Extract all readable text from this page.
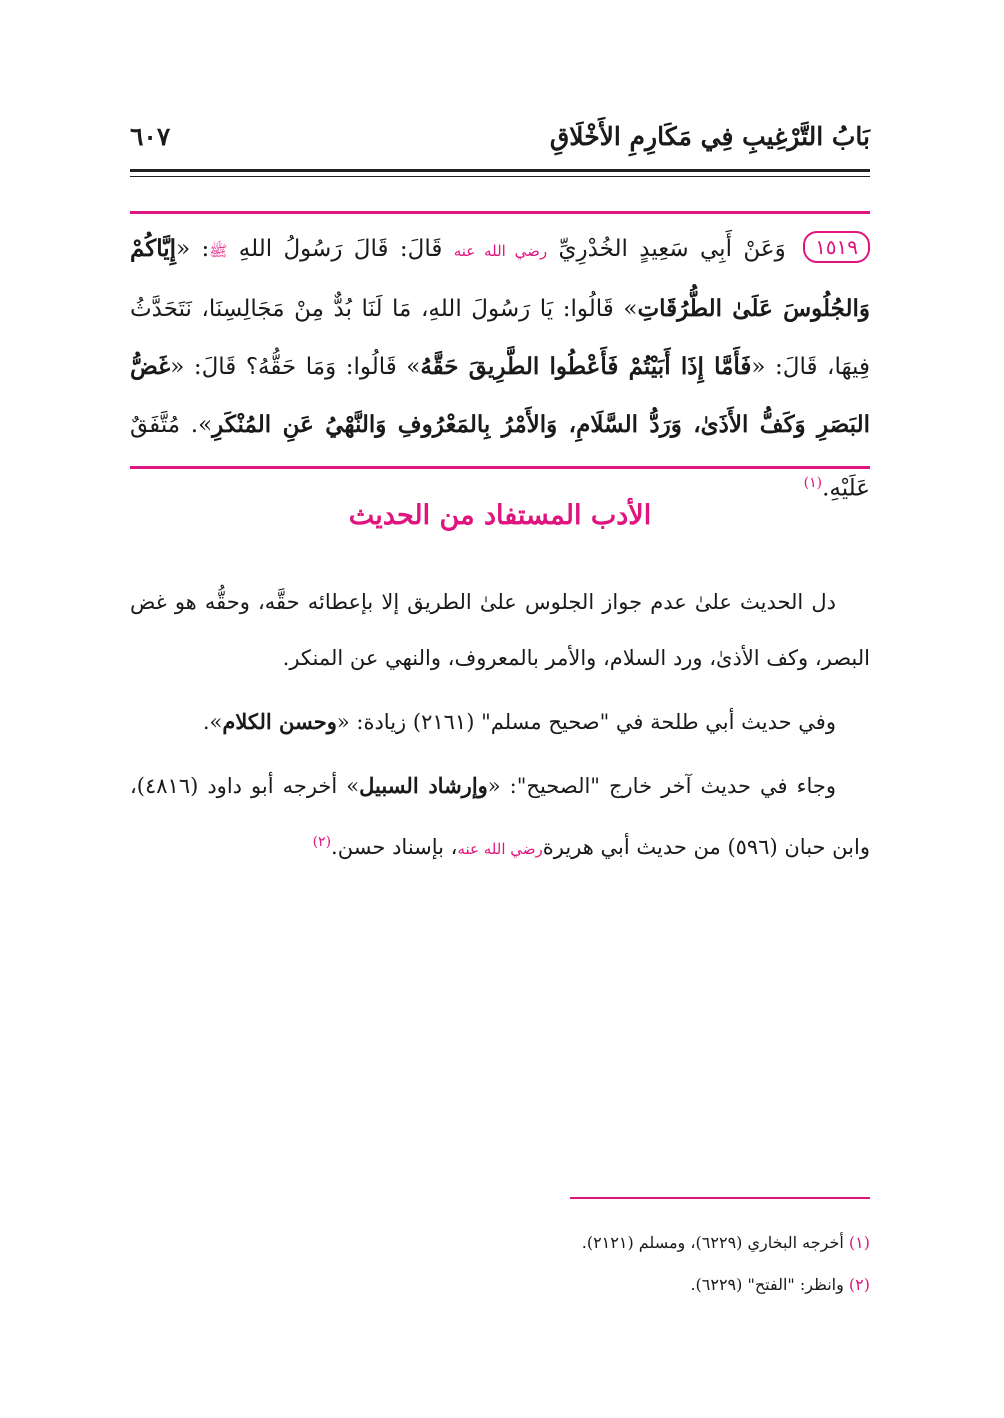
بَابُ التَّرْغِيبِ فِي مَكَارِمِ الأَخْلَاقِ
٦٠٧
١٥١٩ وَعَنْ أَبِي سَعِيدٍ الخُدْرِيِّ رضي الله عنه قَالَ: قَالَ رَسُولُ اللهِ ﷺ: «إِيَّاكُمْ وَالجُلُوسَ عَلَىٰ الطُّرُقَاتِ» قَالُوا: يَا رَسُولَ اللهِ، مَا لَنَا بُدٌّ مِنْ مَجَالِسِنَا، نَتَحَدَّثُ فِيهَا، قَالَ: «فَأَمَّا إِذَا أَبَيْتُمْ فَأَعْطُوا الطَّرِيقَ حَقَّهُ» قَالُوا: وَمَا حَقُّهُ؟ قَالَ: «غَضُّ البَصَرِ وَكَفُّ الأَذَىٰ، وَرَدُّ السَّلَامِ، وَالأَمْرُ بِالمَعْرُوفِ وَالنَّهْيُ عَنِ المُنْكَرِ». مُتَّفَقٌ عَلَيْهِ.$^{(١)}$
الأدب المستفاد من الحديث

دل الحديث علىٰ عدم جواز الجلوس علىٰ الطريق إلا بإعطائه حقَّه، وحقُّه هو غض البصر، وكف الأذىٰ، ورد السلام، والأمر بالمعروف، والنهي عن المنكر.

وفي حديث أبي طلحة في "صحيح مسلم" (٢١٦١) زيادة: «وحسن الكلام».

وجاء في حديث آخر خارج "الصحيح": «وإرشاد السبيل» أخرجه أبو داود (٤٨١٦)، وابن حبان (٥٩٦) من حديث أبي هريرةرضي الله عنه، بإسناد حسن.$^{(٢)}$

(١) أخرجه البخاري (٦٢٢٩)، ومسلم (٢١٢١).
(٢) وانظر: "الفتح" (٦٢٢٩).
